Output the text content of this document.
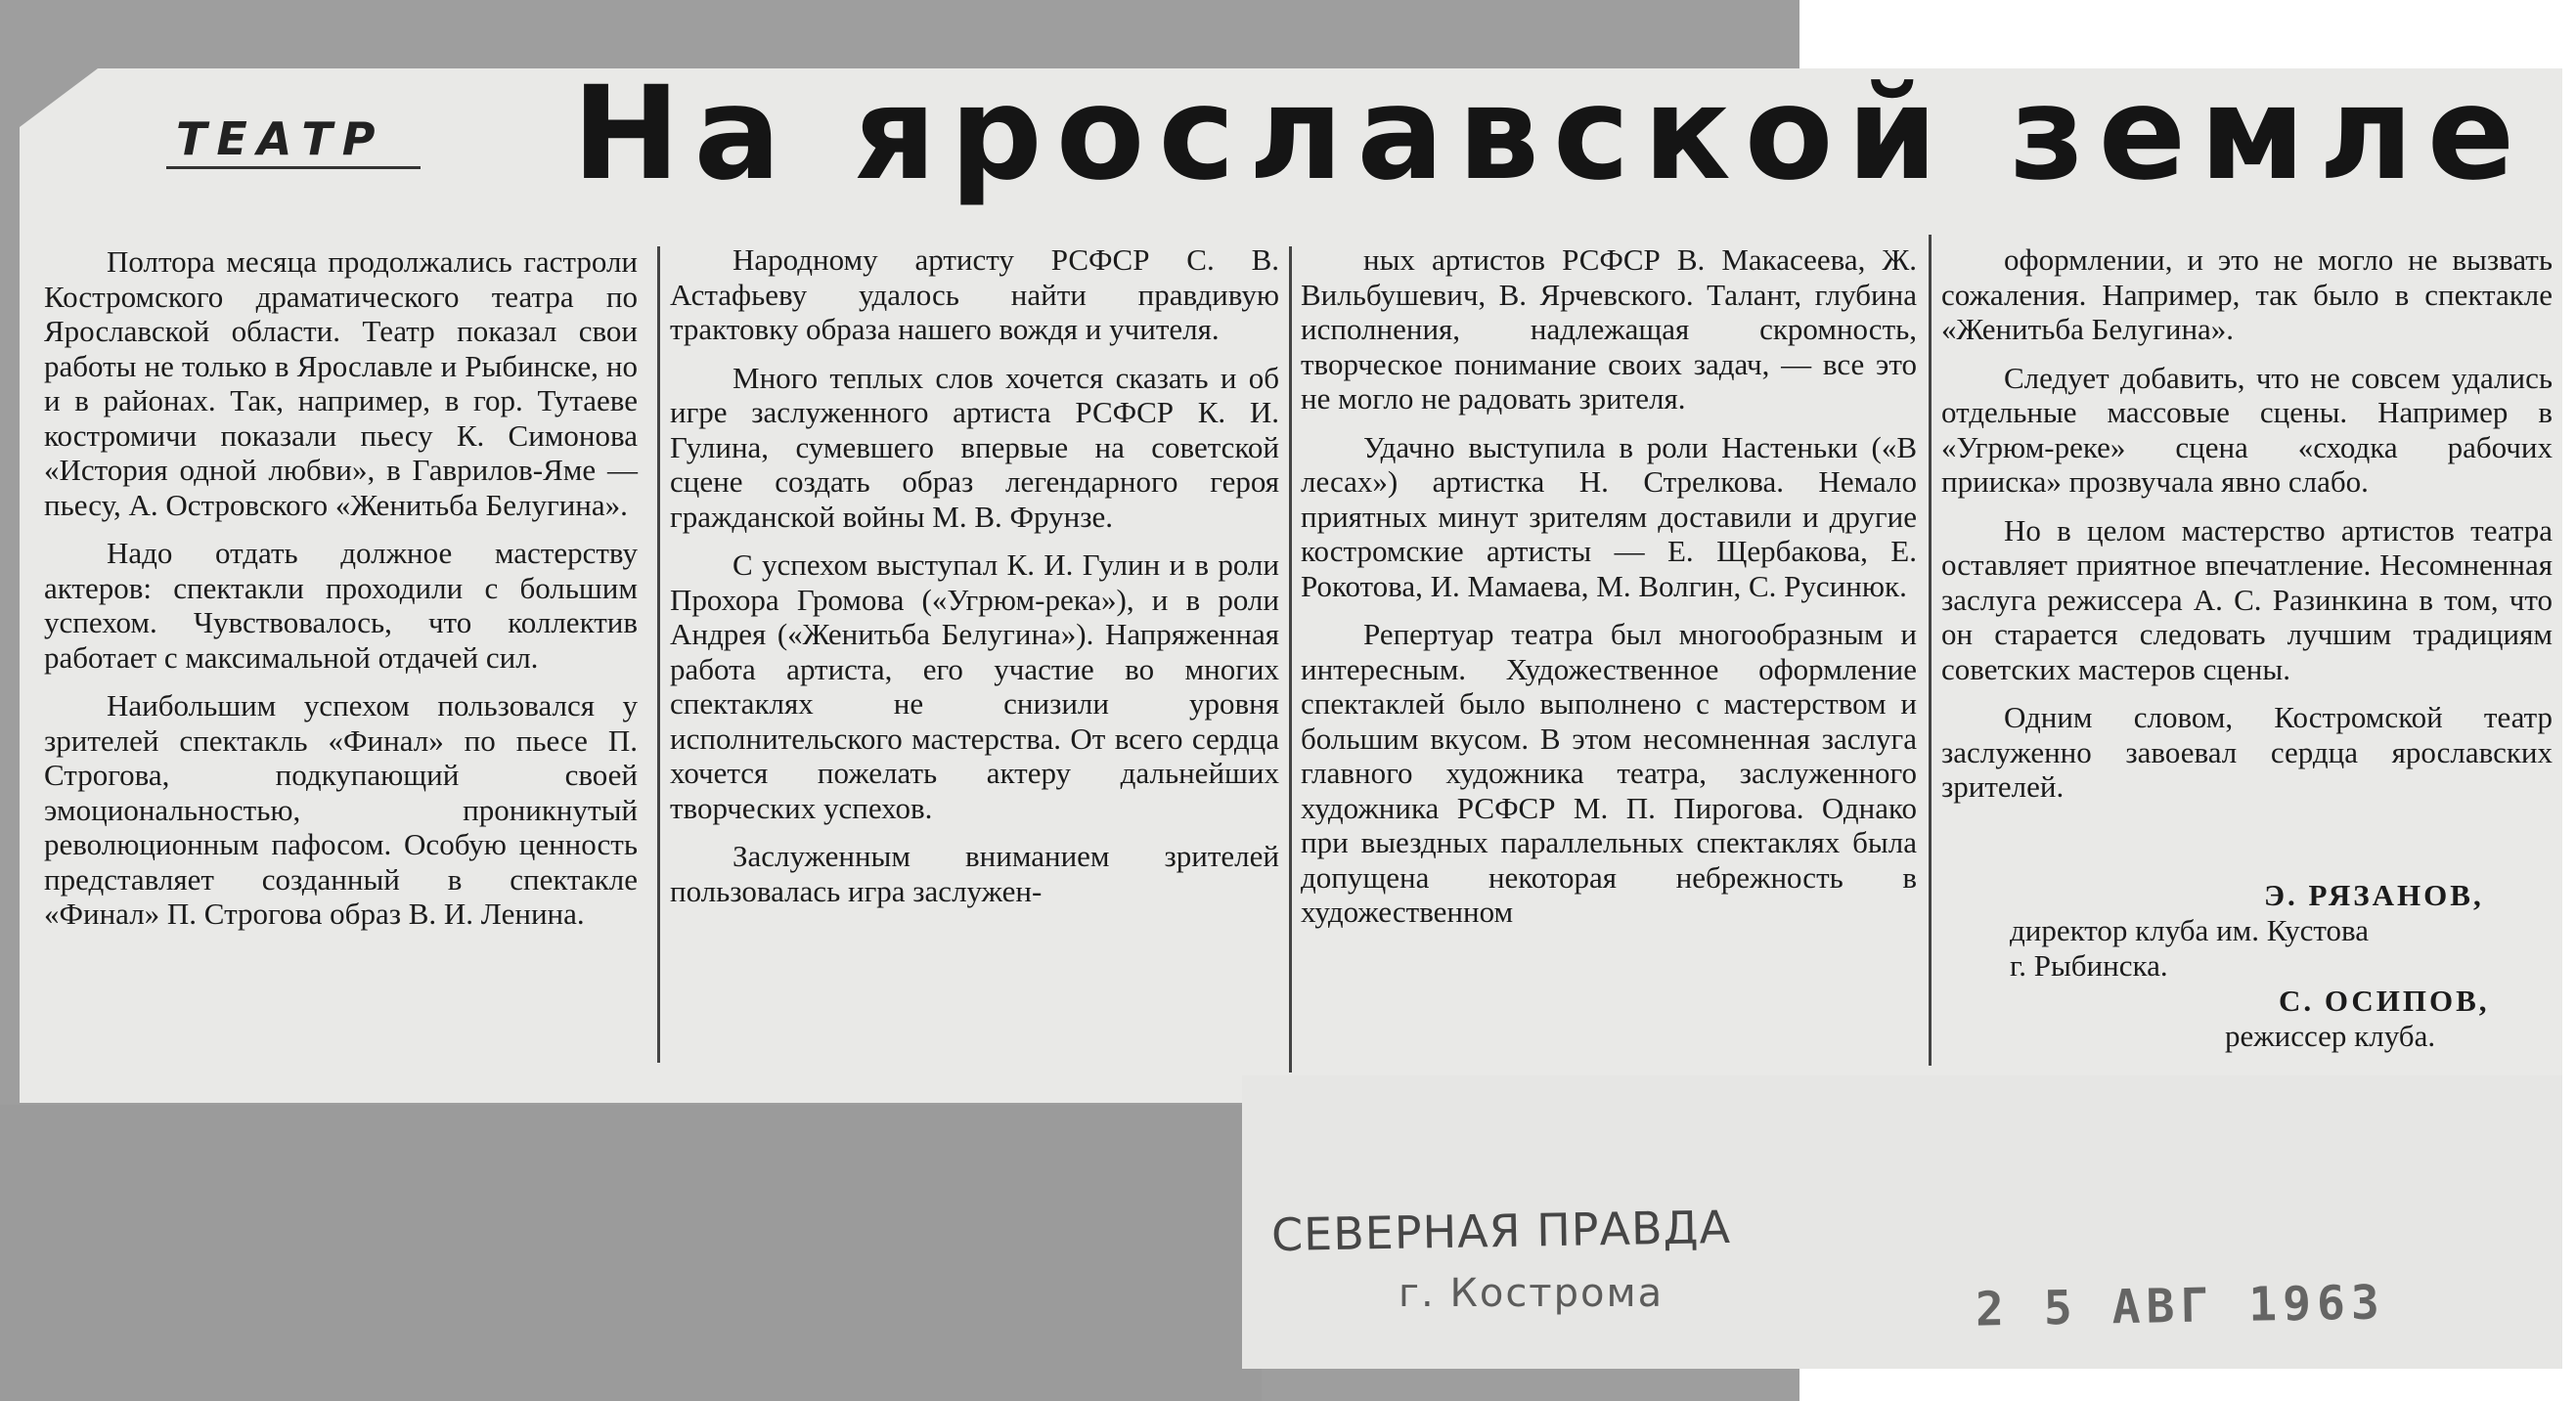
ТЕАТР На ярославской земле

Полтора месяца продолжались гастроли Костромского драматического театра по Ярославской области. Театр показал свои работы не только в Ярославле и Рыбинске, но и в районах. Так, например, в гор. Тутаеве костромичи показали пьесу К. Симонова «История одной любви», в Гаврилов-Яме — пьесу, А. Островского «Женитьба Белугина».

Надо отдать должное мастерству актеров: спектакли проходили с большим успехом. Чувствовалось, что коллектив работает с максимальной отдачей сил.

Наибольшим успехом пользовался у зрителей спектакль «Финал» по пьесе П. Строгова, подкупающий своей эмоциональностью, проникнутый революционным пафосом. Особую ценность представляет созданный в спектакле «Финал» П. Строгова образ В. И. Ленина.

Народному артисту РСФСР С. В. Астафьеву удалось найти правдивую трактовку образа нашего вождя и учителя.

Много теплых слов хочется сказать и об игре заслуженного артиста РСФСР К. И. Гулина, сумевшего впервые на советской сцене создать образ легендарного героя гражданской войны М. В. Фрунзе.

С успехом выступал К. И. Гулин и в роли Прохора Громова («Угрюм-река»), и в роли Андрея («Женитьба Белугина»). Напряженная работа артиста, его участие во многих спектаклях не снизили уровня исполнительского мастерства. От всего сердца хочется пожелать актеру дальнейших творческих успехов.

Заслуженным вниманием зрителей пользовалась игра заслужен-

ных артистов РСФСР В. Макасеева, Ж. Вильбушевич, В. Ярчевского. Талант, глубина исполнения, надлежащая скромность, творческое понимание своих задач, — все это не могло не радовать зрителя.

Удачно выступила в роли Настеньки («В лесах») артистка Н. Стрелкова. Немало приятных минут зрителям доставили и другие костромские артисты — Е. Щербакова, Е. Рокотова, И. Мамаева, М. Волгин, С. Русинюк.

Репертуар театра был многообразным и интересным. Художественное оформление спектаклей было выполнено с мастерством и большим вкусом. В этом несомненная заслуга главного художника театра, заслуженного художника РСФСР М. П. Пирогова. Однако при выездных параллельных спектаклях была допущена некоторая небрежность в художественном

оформлении, и это не могло не вызвать сожаления. Например, так было в спектакле «Женитьба Белугина».

Следует добавить, что не совсем удались отдельные массовые сцены. Например в «Угрюм-реке» сцена «сходка рабочих прииска» прозвучала явно слабо.

Но в целом мастерство артистов театра оставляет приятное впечатление. Несомненная заслуга режиссера А. С. Разинкина в том, что он старается следовать лучшим традициям советских мастеров сцены.

Одним словом, Костромской театр заслуженно завоевал сердца ярославских зрителей.

Э. РЯЗАНОВ,
директор клуба им. Кустова
г. Рыбинска.
С. ОСИПОВ,
режиссер клуба.
СЕВЕРНАЯ ПРАВДА
г. Кострома	2 5 АВГ 1963
